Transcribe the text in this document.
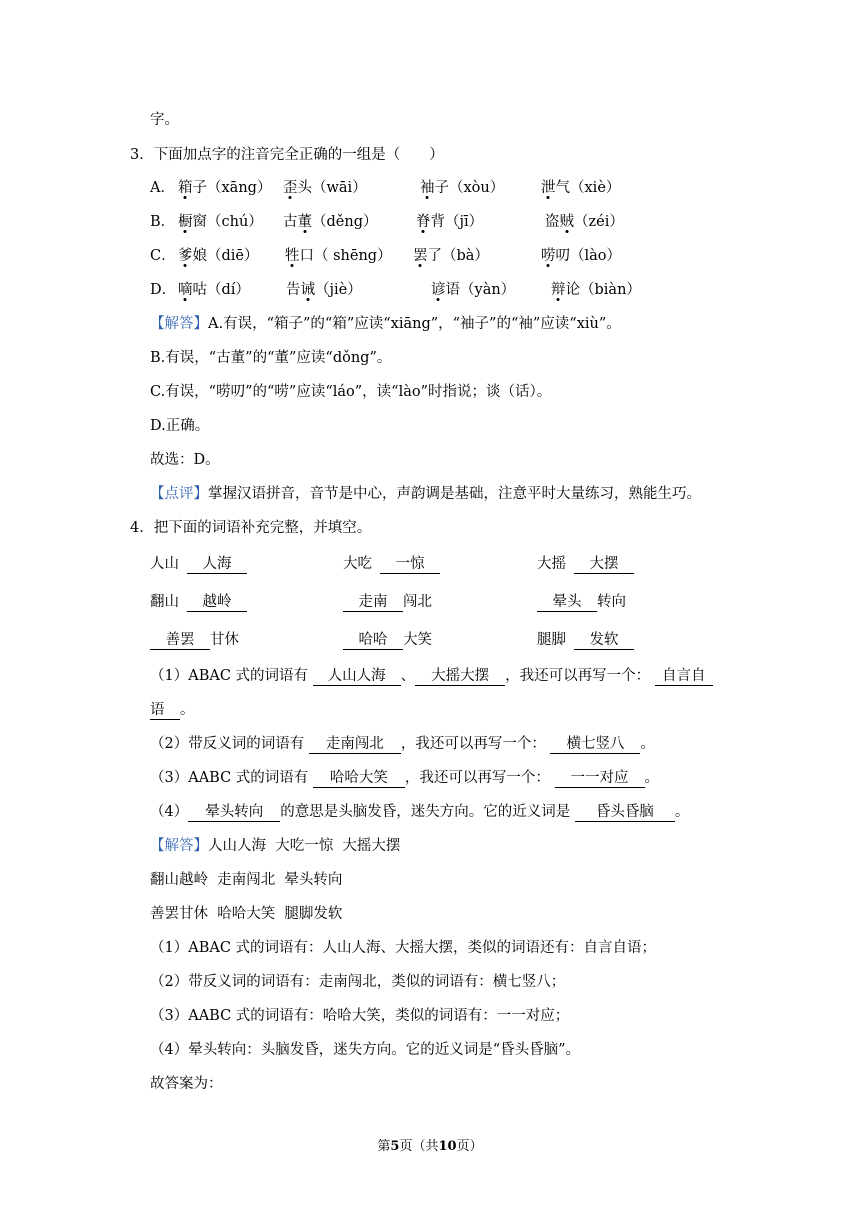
字。
3．下面加点字的注音完全正确的一组是（　　）
A． 箱子（xāng） 歪头（wāi）	袖子（xòu）	泄气（xiè）
B． 橱窗（chú） 古董（děng）	脊背（jī）	盗贼（zéi）
C． 爹娘（diē） 牲口（ shēng） 罢了（bà）	唠叨（lào）
D． 嘀咕（dí） 告诫（jiè）	谚语（yàn） 辩论（biàn）
【解答】A.有误，“箱子”的“箱”应读“xiāng”，“袖子”的“袖”应读“xiù”。
B.有误，“古董”的“董”应读“dǒng”。
C.有误，“唠叨”的“唠”应读“láo”，读“lào”时指说；谈（话）。
D.正确。
故选：D。
【点评】掌握汉语拼音，音节是中心，声韵调是基础，注意平时大量练习，熟能生巧。
4．把下面的词语补充完整，并填空。
人山 人海	大吃 一惊	大摇 大摆
翻山 越岭	走南 闯北	晕头 转向
善罢 甘休	哈哈 大笑	腿脚 发软
（1）ABAC 式的词语有 人山人海 、 大摇大摆 ，我还可以再写一个： 自言自
语 。
（2）带反义词的词语有 走南闯北 ，我还可以再写一个： 横七竖八 。
（3）AABC 式的词语有 哈哈大笑 ，我还可以再写一个： 一一对应 。
（4） 晕头转向 的意思是头脑发昏，迷失方向。它的近义词是 昏头昏脑 。
【解答】人山人海  大吃一惊  大摇大摆
翻山越岭  走南闯北  晕头转向
善罢甘休  哈哈大笑  腿脚发软
（1）ABAC 式的词语有：人山人海、大摇大摆，类似的词语还有：自言自语；
（2）带反义词的词语有：走南闯北，类似的词语有：横七竖八；
（3）AABC 式的词语有：哈哈大笑，类似的词语有：一一对应；
（4）晕头转向：头脑发昏，迷失方向。它的近义词是“昏头昏脑”。
故答案为：
第5页（共10页）
